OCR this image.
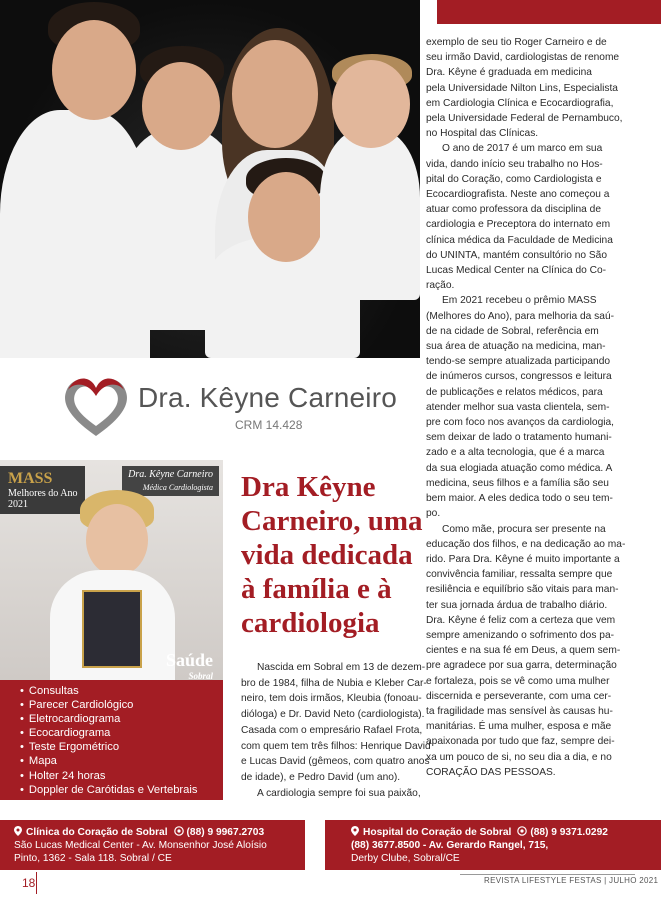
Dra. Kêyne Carneiro
CRM 14.428
MASS
Melhores do Ano
2021
Dra. Kêyne Carneiro
Médica Cardiologista
Saúde
Sobral
• Consultas
• Parecer Cardiológico
• Eletrocardiograma
• Ecocardiograma
• Teste Ergométrico
• Mapa
• Holter 24 horas
• Doppler de Carótidas e Vertebrais
Dra Kêyne
Carneiro, uma
vida dedicada
à família e à
cardiologia
Nascida em Sobral em 13 de dezem-
bro de 1984, filha de Nubia e Kleber Car-
neiro, tem dois irmãos, Kleubia (fonoau-
dióloga) e Dr. David Neto (cardiologista).
Casada com o empresário Rafael Frota,
com quem tem três filhos: Henrique David
e Lucas David (gêmeos, com quatro anos
de idade), e Pedro David (um ano).
A cardiologia sempre foi sua paixão,
exemplo de seu tio Roger Carneiro e de
seu irmão David, cardiologistas de renome
Dra. Kêyne é graduada em medicina
pela Universidade Nilton Lins, Especialista
em Cardiologia Clínica e Ecocardiografia,
pela Universidade Federal de Pernambuco,
no Hospital das Clínicas.
O ano de 2017 é um marco em sua
vida, dando início seu trabalho no Hos-
pital do Coração, como Cardiologista e
Ecocardiografista. Neste ano começou a
atuar como professora da disciplina de
cardiologia e Preceptora do internato em
clínica médica da Faculdade de Medicina
do UNINTA, mantém consultório no São
Lucas Medical Center na Clínica do Co-
ração.
Em 2021 recebeu o prêmio MASS
(Melhores do Ano), para melhoria da saú-
de na cidade de Sobral, referência em
sua área de atuação na medicina, man-
tendo-se sempre atualizada participando
de inúmeros cursos, congressos e leitura
de publicações e relatos médicos, para
atender melhor sua vasta clientela, sem-
pre com foco nos avanços da cardiologia,
sem deixar de lado o tratamento humani-
zado e a alta tecnologia, que é a marca
da sua elogiada atuação como médica. A
medicina, seus filhos e a família são seu
bem maior. A eles dedica todo o seu tem-
po.
Como mãe, procura ser presente na
educação dos filhos, e na dedicação ao ma-
rido. Para Dra. Kêyne é muito importante a
convivência familiar, ressalta sempre que
resiliência e equilíbrio são vitais para man-
ter sua jornada árdua de trabalho diário.
Dra. Kêyne é feliz com a certeza que vem
sempre amenizando o sofrimento dos pa-
cientes e na sua fé em Deus, a quem sem-
pre agradece por sua garra, determinação
e fortaleza, pois se vê como uma mulher
discernida e perseverante, com uma cer-
ta fragilidade mas sensível às causas hu-
manitárias. É uma mulher, esposa e mãe
apaixonada por tudo que faz, sempre dei-
xa um pouco de si, no seu dia a dia, e no
CORAÇÃO DAS PESSOAS.
Clínica do Coração de Sobral (88) 9 9967.2703
São Lucas Medical Center - Av. Monsenhor José Aloísio
Pinto, 1362 - Sala 118. Sobral / CE
Hospital do Coração de Sobral (88) 9 9371.0292
(88) 3677.8500 - Av. Gerardo Rangel, 715,
Derby Clube, Sobral/CE
18	REVISTA LIFESTYLE FESTAS | JULHO 2021
